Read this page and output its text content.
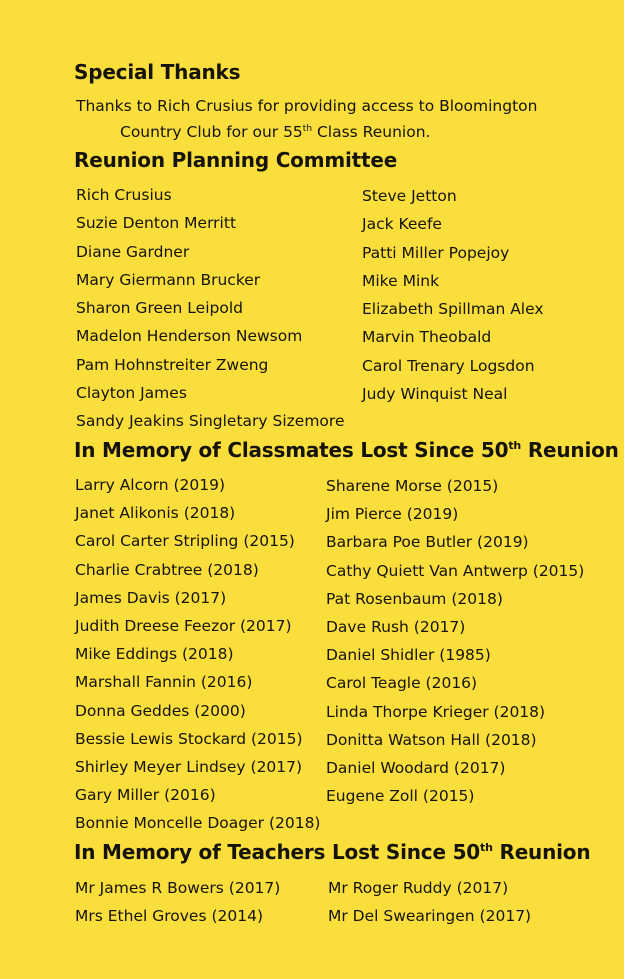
Special Thanks
Thanks to Rich Crusius for providing access to Bloomington
Country Club for our 55th Class Reunion.
Reunion Planning Committee
Rich Crusius
Suzie Denton Merritt
Diane Gardner
Mary Giermann Brucker
Sharon Green Leipold
Madelon Henderson Newsom
Pam Hohnstreiter Zweng
Clayton James
Sandy Jeakins Singletary Sizemore
Steve Jetton
Jack Keefe
Patti Miller Popejoy
Mike Mink
Elizabeth Spillman Alex
Marvin Theobald
Carol Trenary Logsdon
Judy Winquist Neal
In Memory of Classmates Lost Since 50th Reunion
Larry Alcorn (2019)
Janet Alikonis (2018)
Carol Carter Stripling (2015)
Charlie Crabtree (2018)
James Davis (2017)
Judith Dreese Feezor (2017)
Mike Eddings (2018)
Marshall Fannin (2016)
Donna Geddes (2000)
Bessie Lewis Stockard (2015)
Shirley Meyer Lindsey (2017)
Gary Miller (2016)
Bonnie Moncelle Doager (2018)
Sharene Morse (2015)
Jim Pierce (2019)
Barbara Poe Butler (2019)
Cathy Quiett Van Antwerp (2015)
Pat Rosenbaum (2018)
Dave Rush (2017)
Daniel Shidler (1985)
Carol Teagle (2016)
Linda Thorpe Krieger (2018)
Donitta Watson Hall (2018)
Daniel Woodard (2017)
Eugene Zoll (2015)
In Memory of Teachers Lost Since 50th Reunion
Mr James R Bowers (2017)
Mrs Ethel Groves (2014)
Mr Roger Ruddy (2017)
Mr Del Swearingen (2017)
